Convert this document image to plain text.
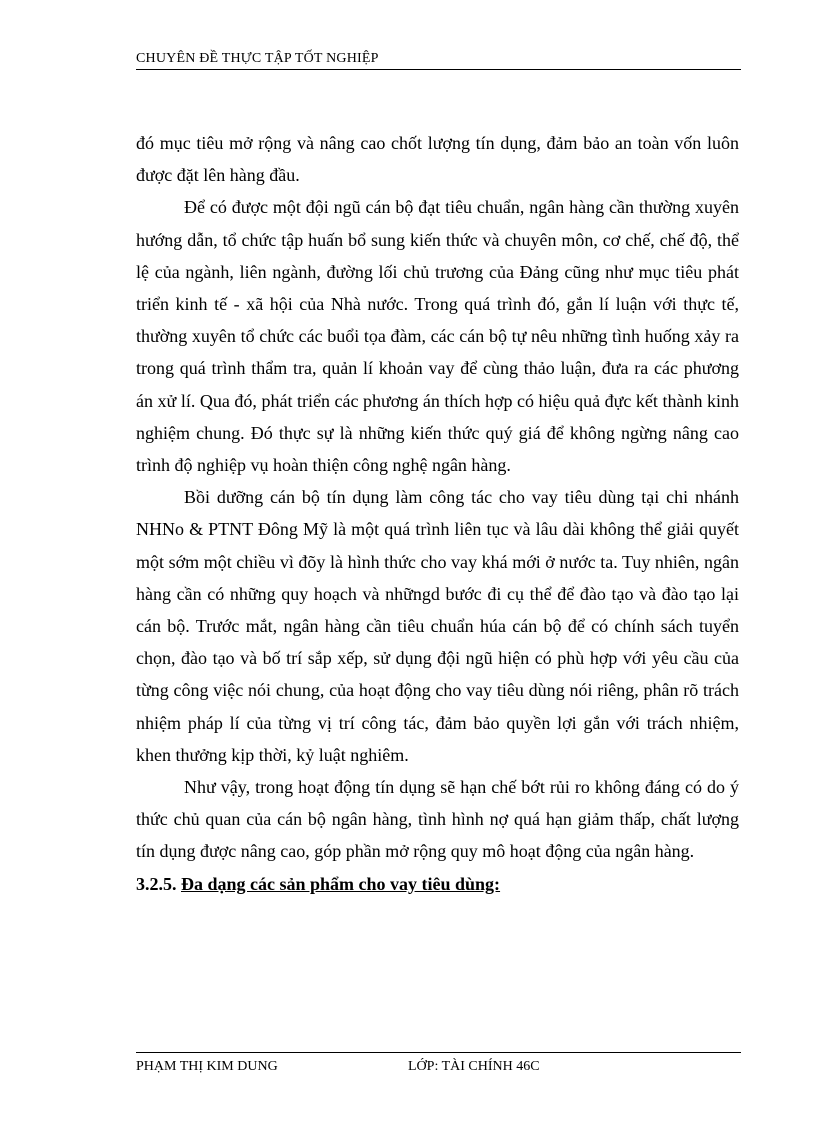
CHUYÊN ĐỀ THỰC TẬP TỐT NGHIỆP

đó mục tiêu mở rộng và nâng cao chốt lượng tín dụng, đảm bảo an toàn vốn luôn được đặt lên hàng đầu.

Để có được một đội ngũ cán bộ đạt tiêu chuẩn, ngân hàng cần thường xuyên hướng dẫn, tổ chức tập huấn bổ sung kiến thức và chuyên môn, cơ chế, chế độ, thể lệ của ngành, liên ngành, đường lối chủ trương của Đảng cũng như mục tiêu phát triển kinh tế - xã hội của Nhà nước. Trong quá trình đó, gắn lí luận với thực tế, thường xuyên tổ chức các buổi tọa đàm, các cán bộ tự nêu những tình huống xảy ra trong quá trình thẩm tra, quản lí khoản vay để cùng thảo luận, đưa ra các phương án xử lí. Qua đó, phát triển các phương án thích hợp có hiệu quả đực kết thành kinh nghiệm chung. Đó thực sự là những kiến thức quý giá để không ngừng nâng cao trình độ nghiệp vụ hoàn thiện công nghệ ngân hàng.

Bồi dưỡng cán bộ tín dụng làm công tác cho vay tiêu dùng tại chi nhánh NHNo & PTNT Đông Mỹ là một quá trình liên tục và lâu dài không thể giải quyết một sớm một chiều vì đõy là hình thức cho vay khá mới ở nước ta. Tuy nhiên, ngân hàng cần có những quy hoạch và nhữngd bước đi cụ thể để đào tạo và đào tạo lại cán bộ. Trước mắt, ngân hàng cần tiêu chuẩn húa cán bộ để có chính sách tuyển chọn, đào tạo và bố trí sắp xếp, sử dụng đội ngũ hiện có phù hợp với yêu cầu của từng công việc nói chung, của hoạt động cho vay tiêu dùng nói riêng, phân rõ trách nhiệm pháp lí của từng vị trí công tác, đảm bảo quyền lợi gắn với trách nhiệm, khen thưởng kịp thời, kỷ luật nghiêm.

Như vậy, trong hoạt động tín dụng sẽ hạn chế bớt rủi ro không đáng có do ý thức chủ quan của cán bộ ngân hàng, tình hình nợ quá hạn giảm thấp, chất lượng tín dụng được nâng cao, góp phần mở rộng quy mô hoạt động của ngân hàng.

3.2.5. Đa dạng các sản phẩm cho vay tiêu dùng:
PHẠM THỊ KIM DUNG	LỚP: TÀI CHÍNH 46C
